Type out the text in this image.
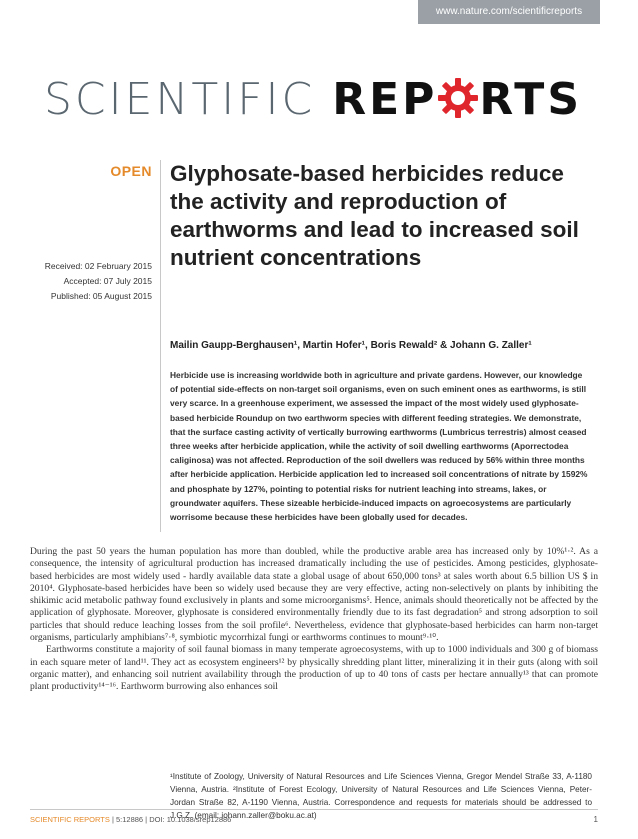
www.nature.com/scientificreports
SCIENTIFIC REP RTS
OPEN
Received: 02 February 2015
Accepted: 07 July 2015
Published: 05 August 2015
Glyphosate-based herbicides reduce the activity and reproduction of earthworms and lead to increased soil nutrient concentrations
Mailin Gaupp-Berghausen¹, Martin Hofer¹, Boris Rewald² & Johann G. Zaller¹

Herbicide use is increasing worldwide both in agriculture and private gardens. However, our knowledge of potential side-effects on non-target soil organisms, even on such eminent ones as earthworms, is still very scarce. In a greenhouse experiment, we assessed the impact of the most widely used glyphosate-based herbicide Roundup on two earthworm species with different feeding strategies. We demonstrate, that the surface casting activity of vertically burrowing earthworms (Lumbricus terrestris) almost ceased three weeks after herbicide application, while the activity of soil dwelling earthworms (Aporrectodea caliginosa) was not affected. Reproduction of the soil dwellers was reduced by 56% within three months after herbicide application. Herbicide application led to increased soil concentrations of nitrate by 1592% and phosphate by 127%, pointing to potential risks for nutrient leaching into streams, lakes, or groundwater aquifers. These sizeable herbicide-induced impacts on agroecosystems are particularly worrisome because these herbicides have been globally used for decades.

During the past 50 years the human population has more than doubled, while the productive arable area has increased only by 10%¹·². As a consequence, the intensity of agricultural production has increased dramatically including the use of pesticides. Among pesticides, glyphosate-based herbicides are most widely used - hardly available data state a global usage of about 650,000 tons³ at sales worth about 6.5 billion US $ in 2010⁴. Glyphosate-based herbicides have been so widely used because they are very effective, acting non-selectively on plants by inhibiting the shikimic acid metabolic pathway found exclusively in plants and some microorganisms⁵. Hence, animals should theoretically not be affected by the application of glyphosate. Moreover, glyphosate is considered environmentally friendly due to its fast degradation⁵ and strong adsorption to soil particles that should reduce leaching losses from the soil profile⁶. Nevertheless, evidence that glyphosate-based herbicides can harm non-target organisms, particularly amphibians⁷·⁸, symbiotic mycorrhizal fungi or earthworms continues to mount⁹·¹⁰.

Earthworms constitute a majority of soil faunal biomass in many temperate agroecosystems, with up to 1000 individuals and 300 g of biomass in each square meter of land¹¹. They act as ecosystem engineers¹² by physically shredding plant litter, mineralizing it in their guts (along with soil organic matter), and enhancing soil nutrient availability through the production of up to 40 tons of casts per hectare annually¹³ that can promote plant productivity¹⁴⁻¹⁶. Earthworm burrowing also enhances soil

¹Institute of Zoology, University of Natural Resources and Life Sciences Vienna, Gregor Mendel Straße 33, A-1180 Vienna, Austria. ²Institute of Forest Ecology, University of Natural Resources and Life Sciences Vienna, Peter-Jordan Straße 82, A-1190 Vienna, Austria. Correspondence and requests for materials should be addressed to J.G.Z. (email: johann.zaller@boku.ac.at)
SCIENTIFIC REPORTS | 5:12886 | DOI: 10.1038/srep12886	1
